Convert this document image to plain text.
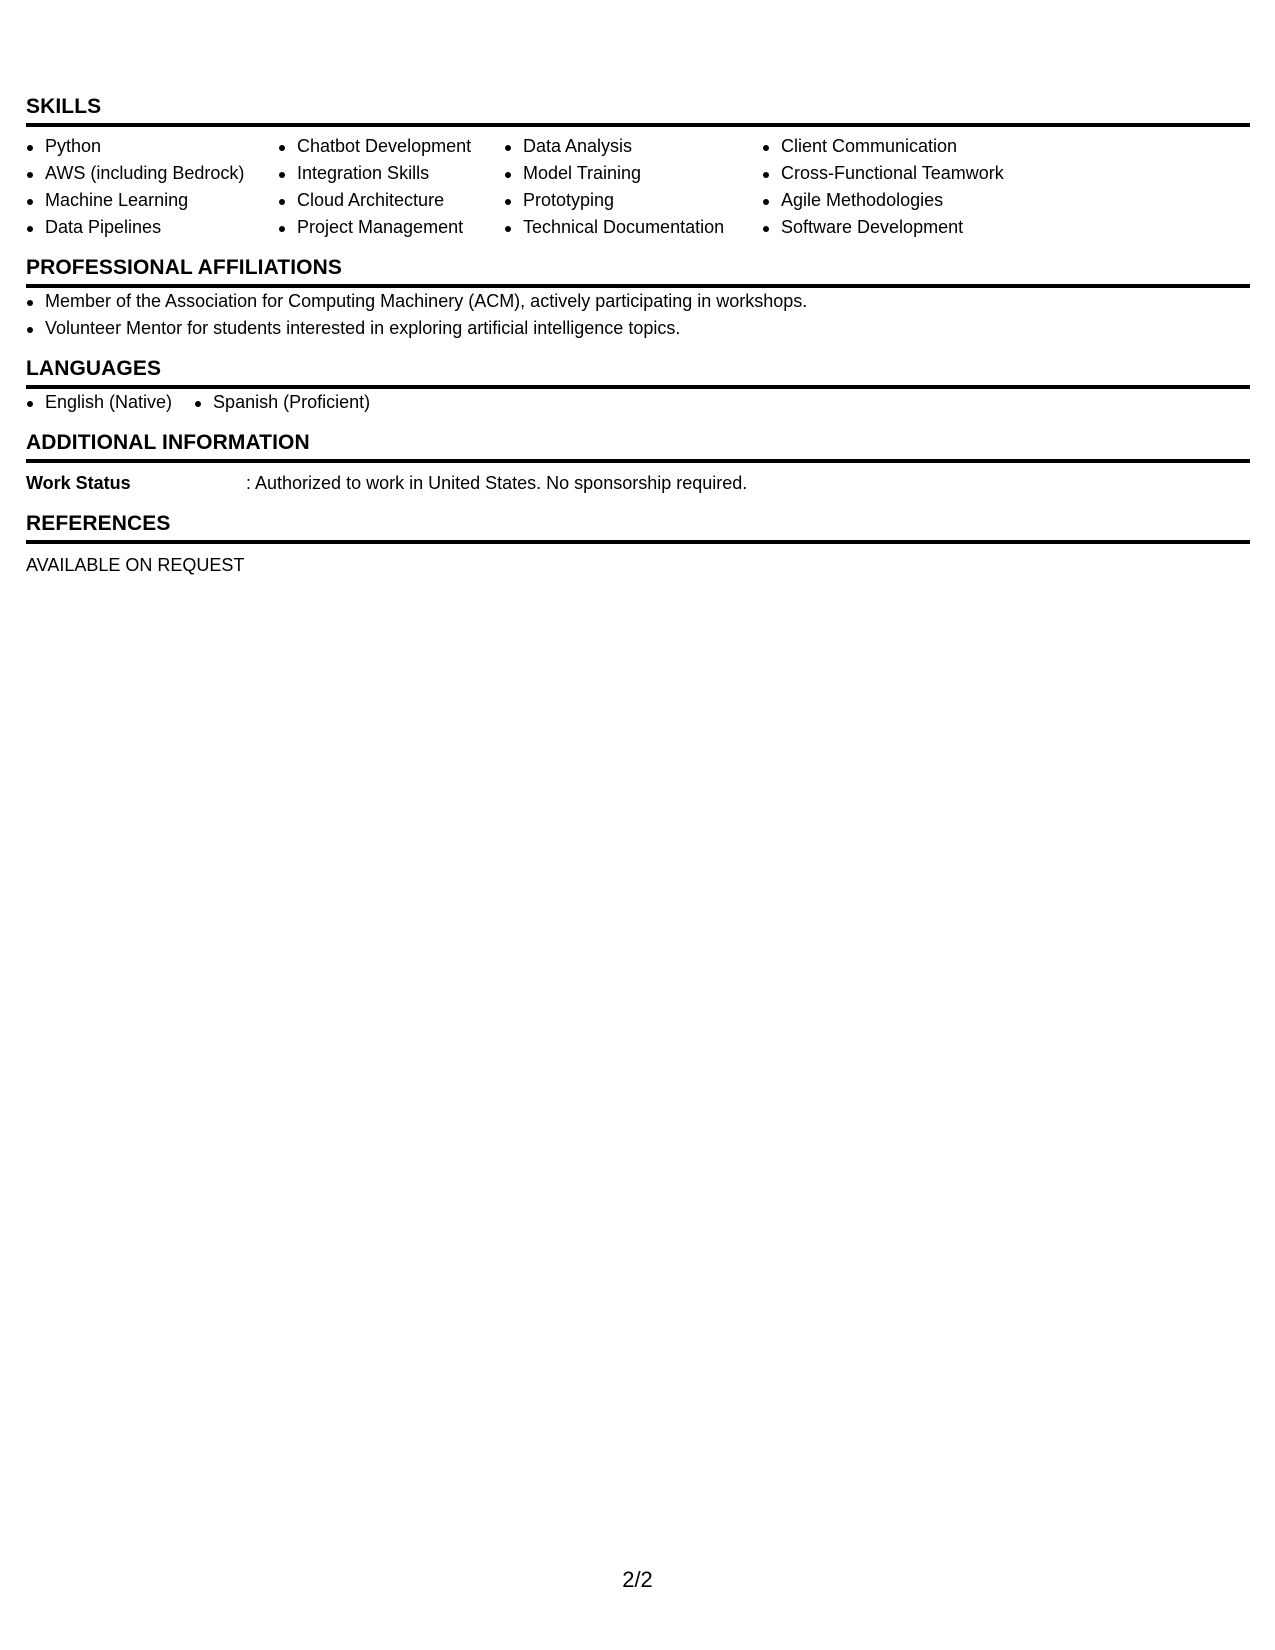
SKILLS
Python
AWS (including Bedrock)
Machine Learning
Data Pipelines
Chatbot Development
Integration Skills
Cloud Architecture
Project Management
Data Analysis
Model Training
Prototyping
Technical Documentation
Client Communication
Cross-Functional Teamwork
Agile Methodologies
Software Development
PROFESSIONAL AFFILIATIONS
Member of the Association for Computing Machinery (ACM), actively participating in workshops.
Volunteer Mentor for students interested in exploring artificial intelligence topics.
LANGUAGES
English (Native)	Spanish (Proficient)
ADDITIONAL INFORMATION
Work Status	: Authorized to work in United States. No sponsorship required.
REFERENCES
AVAILABLE ON REQUEST
2/2
